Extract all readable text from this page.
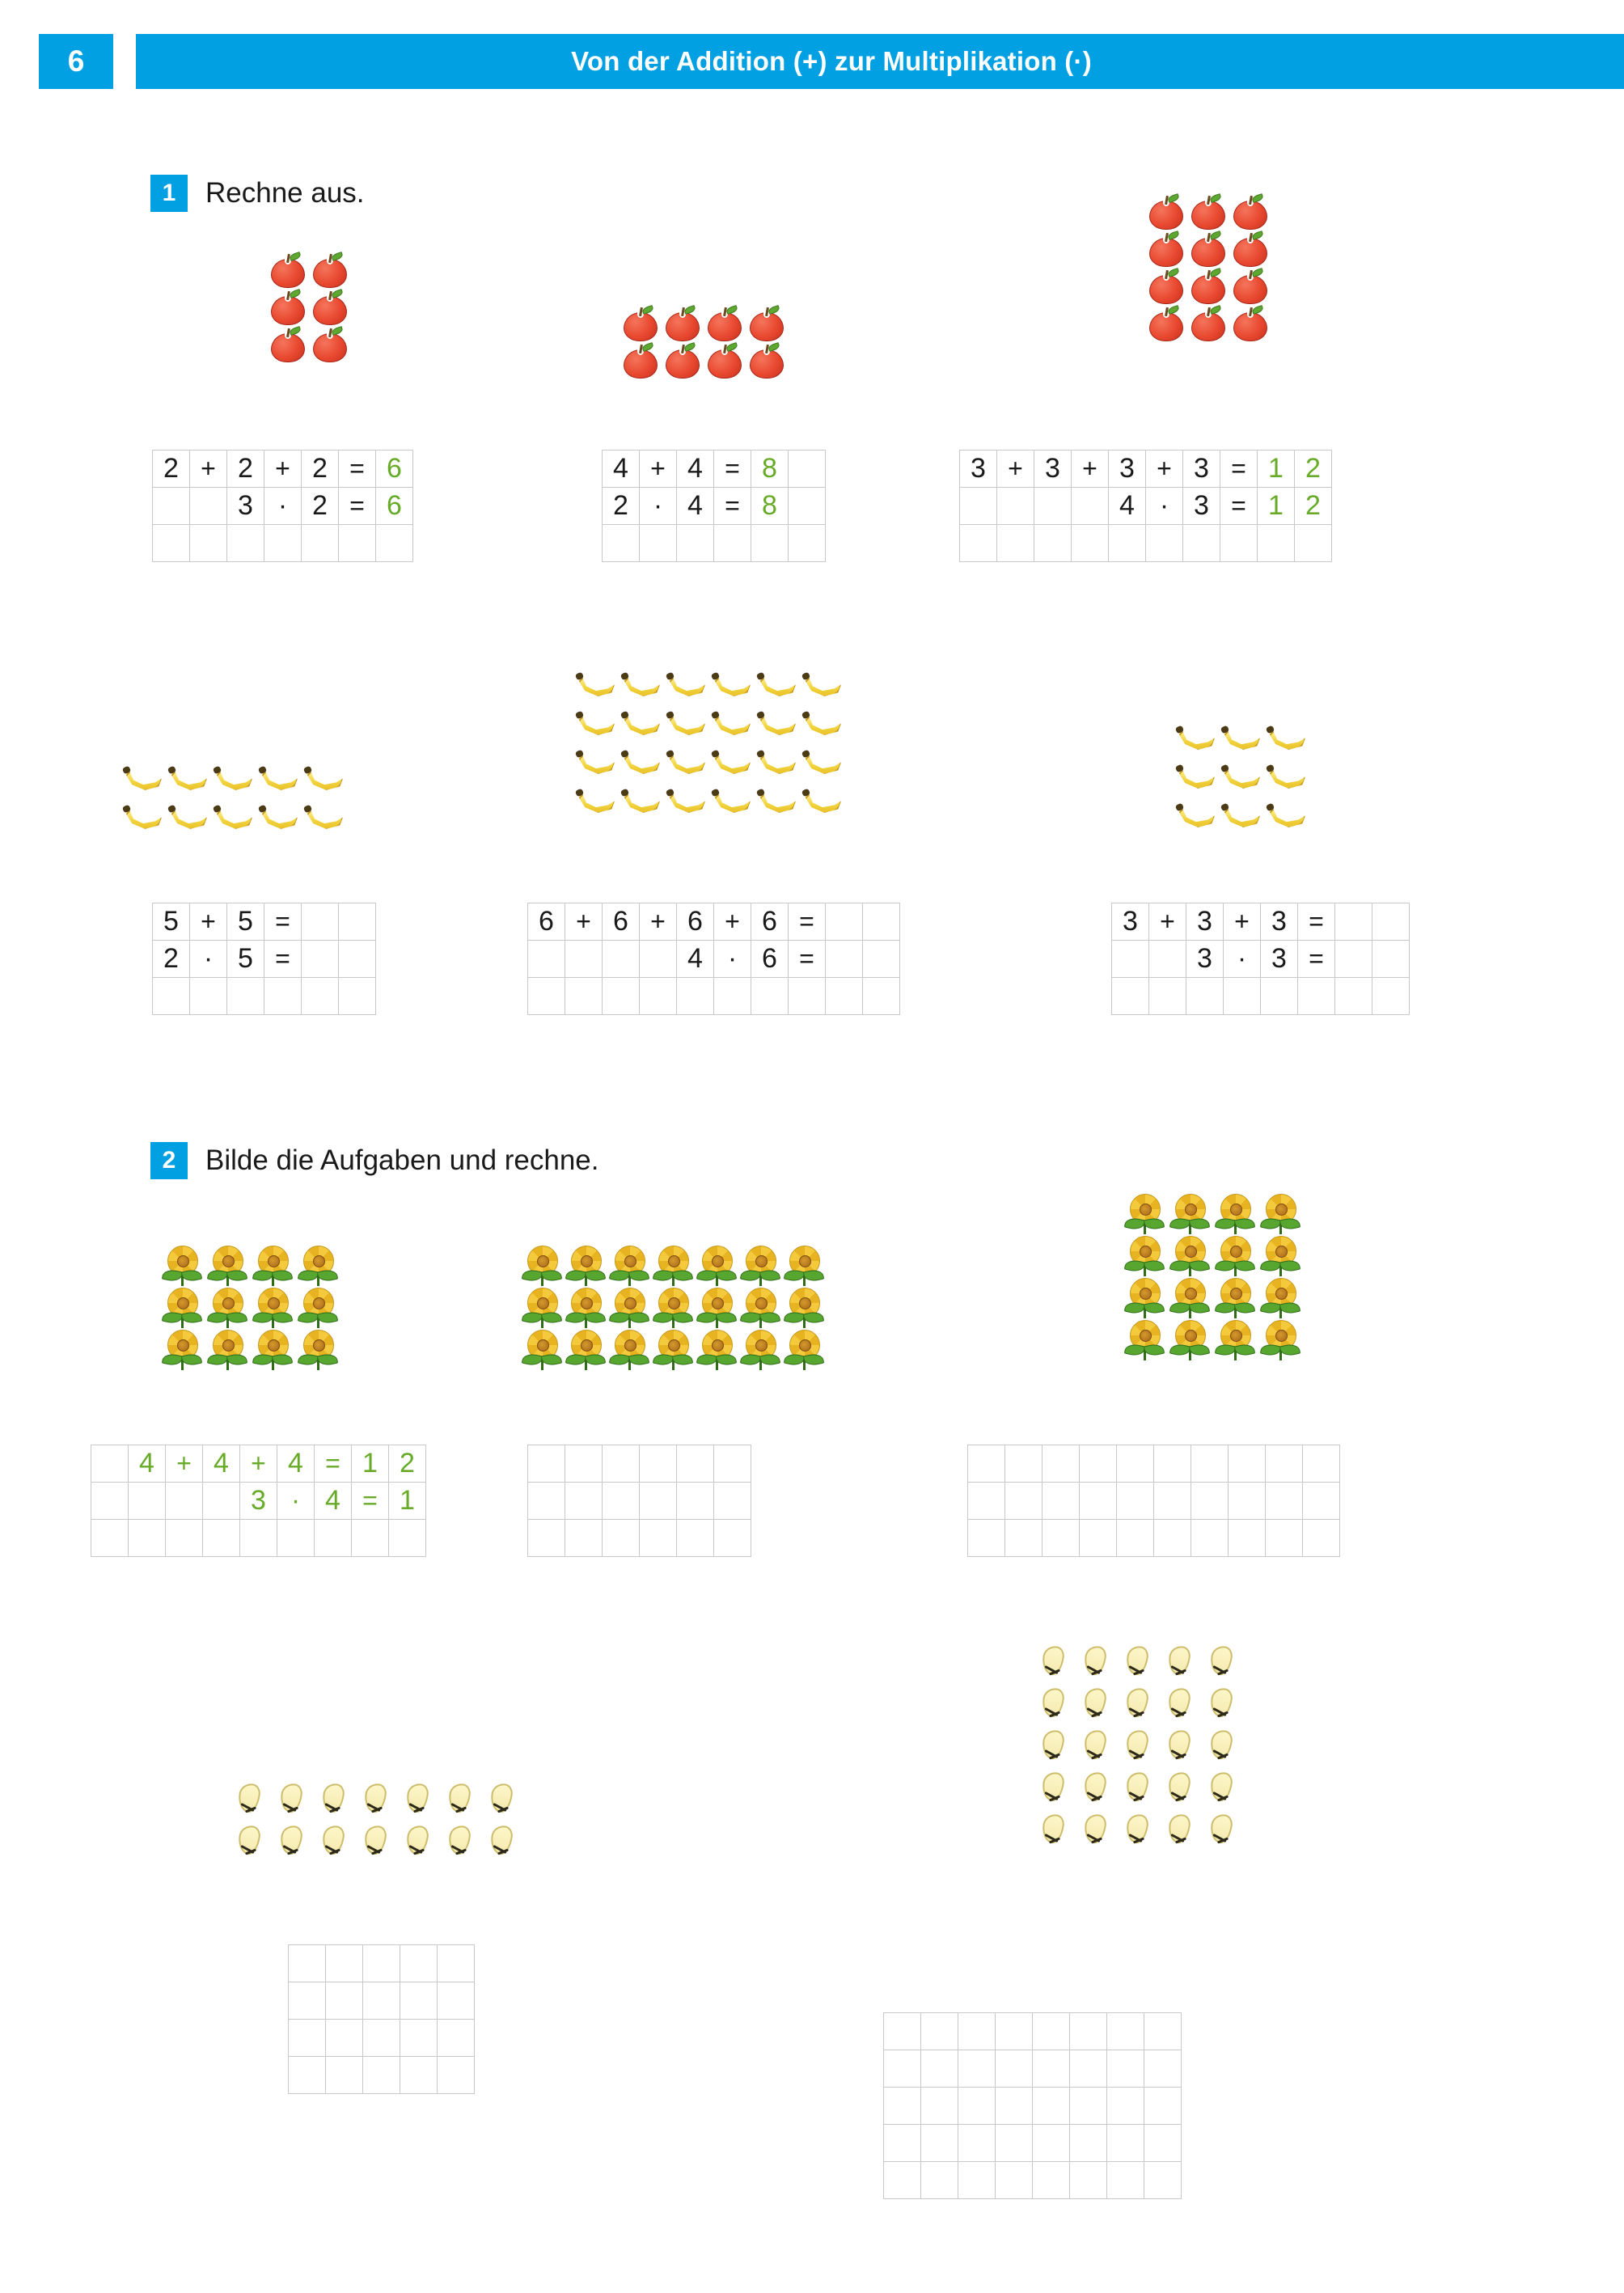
6	Von der Addition (+) zur Multiplikation (·)
1	Rechne aus.
2	+	2	+	2	=	6
		3	·	2	=	6

4	+	4	=	8	
2	·	4	=	8	

3	+	3	+	3	+	3	=	1	2
				4	·	3	=	1	2

5	+	5	=		
2	·	5	=		

6	+	6	+	6	+	6	=		
				4	·	6	=		

3	+	3	+	3	=		
		3	·	3	=		

2	Bilde die Aufgaben und rechne.
	4	+	4	+	4	=	1	2
				3	·	4	=	1
